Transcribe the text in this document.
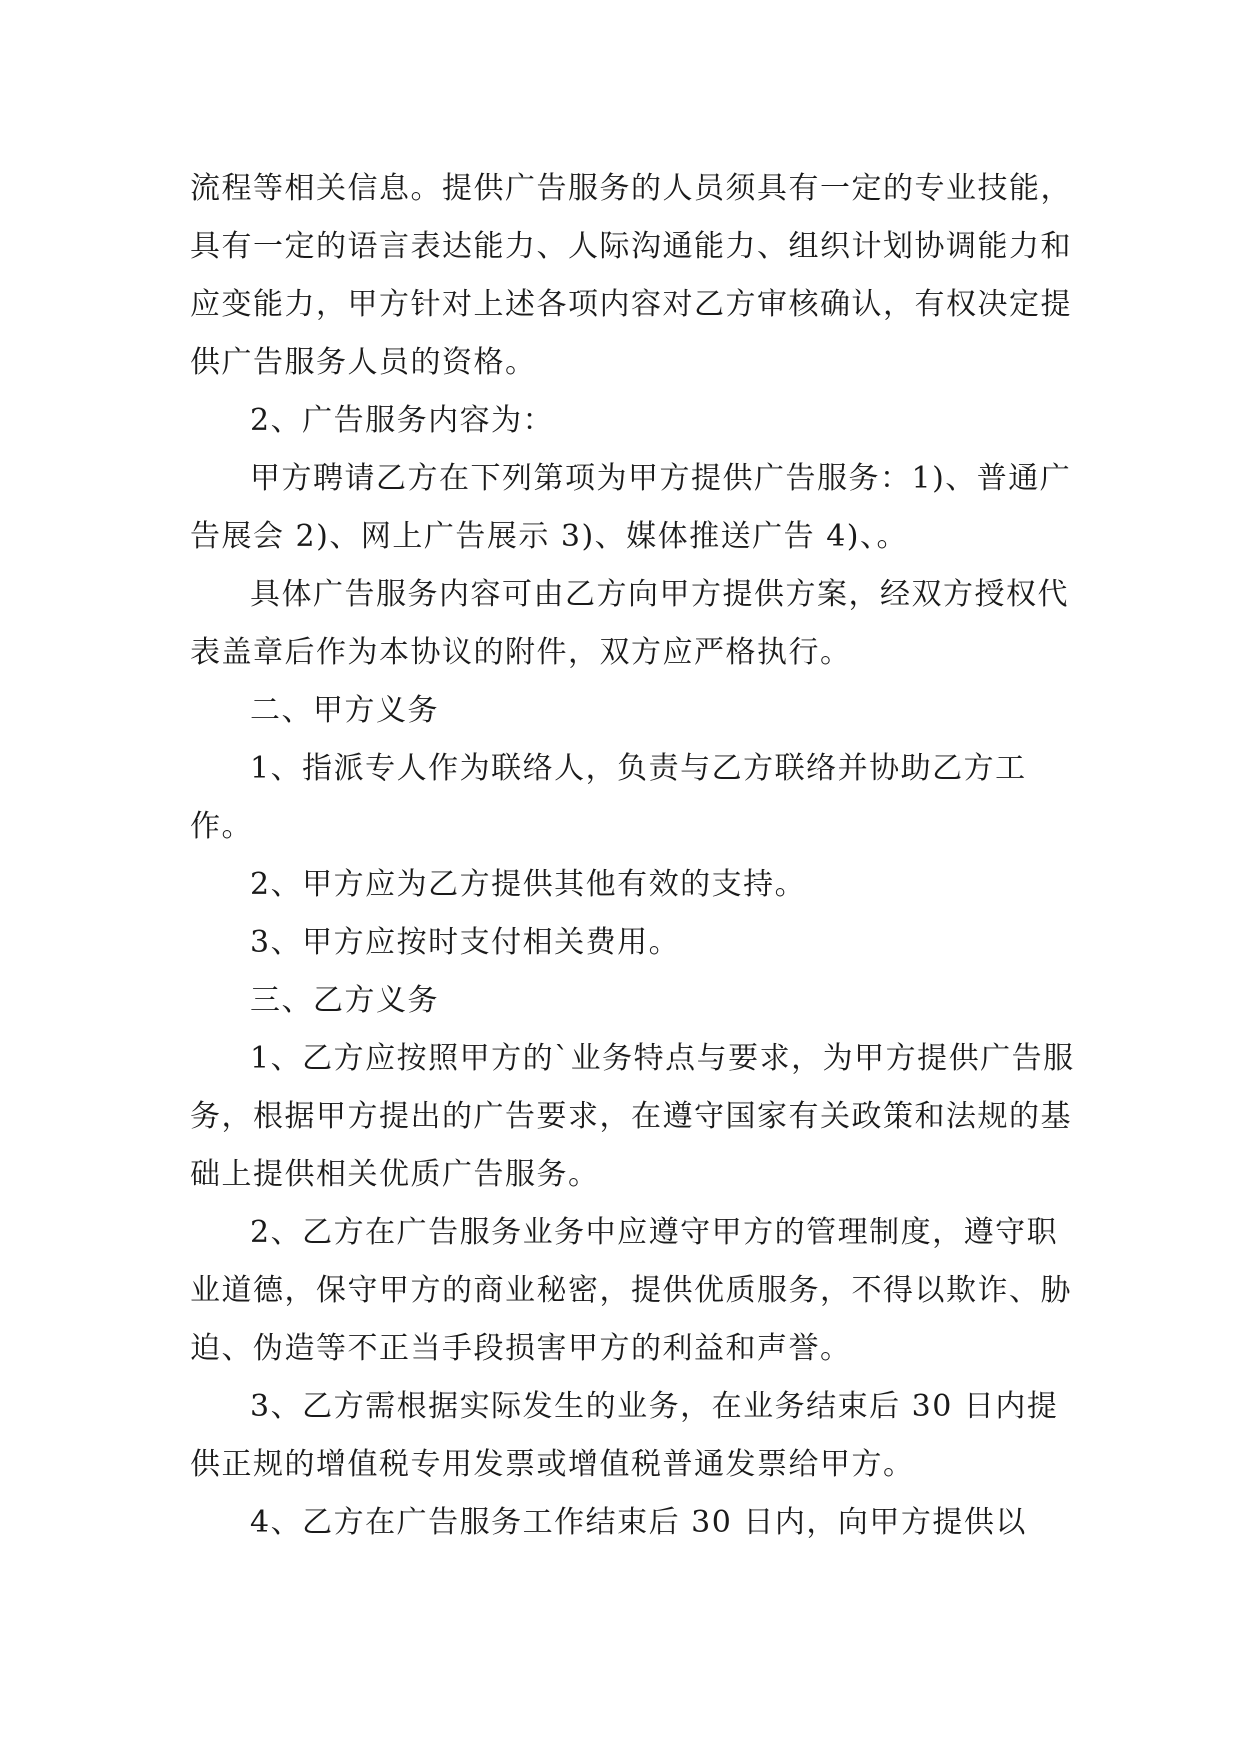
流程等相关信息。提供广告服务的人员须具有一定的专业技能，具有一定的语言表达能力、人际沟通能力、组织计划协调能力和应变能力，甲方针对上述各项内容对乙方审核确认，有权决定提供广告服务人员的资格。

2、广告服务内容为：

甲方聘请乙方在下列第项为甲方提供广告服务：1)、普通广告展会 2)、网上广告展示 3)、媒体推送广告 4)、。

具体广告服务内容可由乙方向甲方提供方案，经双方授权代表盖章后作为本协议的附件，双方应严格执行。

二、甲方义务

1、指派专人作为联络人，负责与乙方联络并协助乙方工作。

2、甲方应为乙方提供其他有效的支持。

3、甲方应按时支付相关费用。

三、乙方义务

1、乙方应按照甲方的`业务特点与要求，为甲方提供广告服务，根据甲方提出的广告要求，在遵守国家有关政策和法规的基础上提供相关优质广告服务。

2、乙方在广告服务业务中应遵守甲方的管理制度，遵守职业道德，保守甲方的商业秘密，提供优质服务，不得以欺诈、胁迫、伪造等不正当手段损害甲方的利益和声誉。

3、乙方需根据实际发生的业务，在业务结束后 30 日内提供正规的增值税专用发票或增值税普通发票给甲方。

4、乙方在广告服务工作结束后 30 日内，向甲方提供以
